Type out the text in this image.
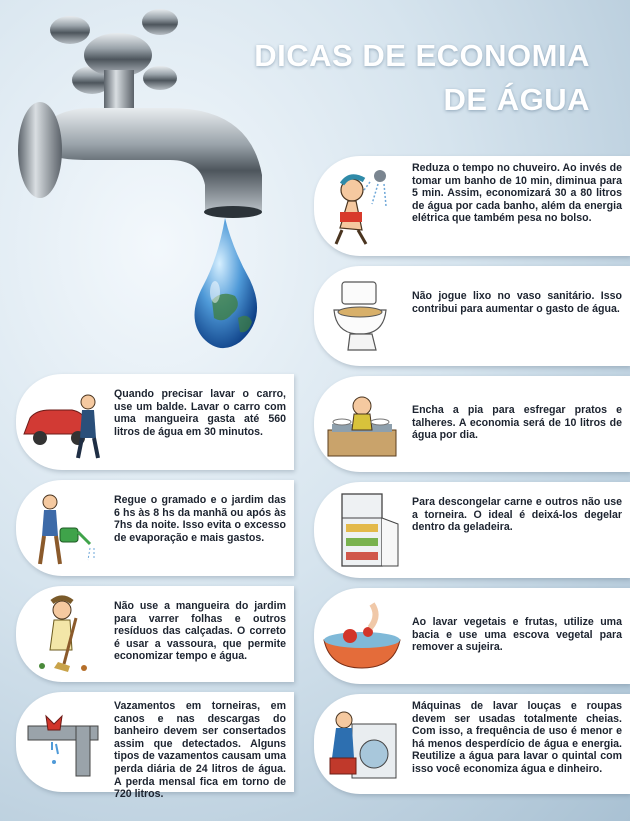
DICAS DE ECONOMIA
DE ÁGUA
Reduza o tempo no chuveiro. Ao invés de tomar um banho de 10 min, diminua para 5 min. Assim, economizará 30 a 80 litros de água por cada banho, além da energia elétrica que também pesa no bolso.
Não jogue lixo no vaso sanitário. Isso contribui para aumentar o gasto de água.
Encha a pia para esfregar pratos e talheres. A economia será de 10 litros de água por dia.
Para descongelar carne e outros não use a torneira. O ideal é deixá-los degelar dentro da geladeira.
Ao lavar vegetais e frutas, utilize uma bacia e use uma escova vegetal para remover a sujeira.
Máquinas de lavar louças e roupas devem ser usadas totalmente cheias. Com isso, a frequência de uso é menor e há menos desperdício de água e energia. Reutilize a água para lavar o quintal com isso você economiza água e dinheiro.
Quando precisar lavar o carro, use um balde. Lavar o carro com uma mangueira gasta até 560 litros de água em 30 minutos.
Regue o gramado e o jardim das 6 hs às 8 hs da manhã ou após às 7hs da noite. Isso evita o excesso de evaporação e mais gastos.
Não use a mangueira do jardim para varrer folhas e outros resíduos das calçadas. O correto é usar a vassoura, que permite economizar tempo e água.
Vazamentos em torneiras, em canos e nas descargas do banheiro devem ser consertados assim que detectados. Alguns tipos de vazamentos causam uma perda diária de 24 litros de água. A perda mensal fica em torno de 720 litros.
